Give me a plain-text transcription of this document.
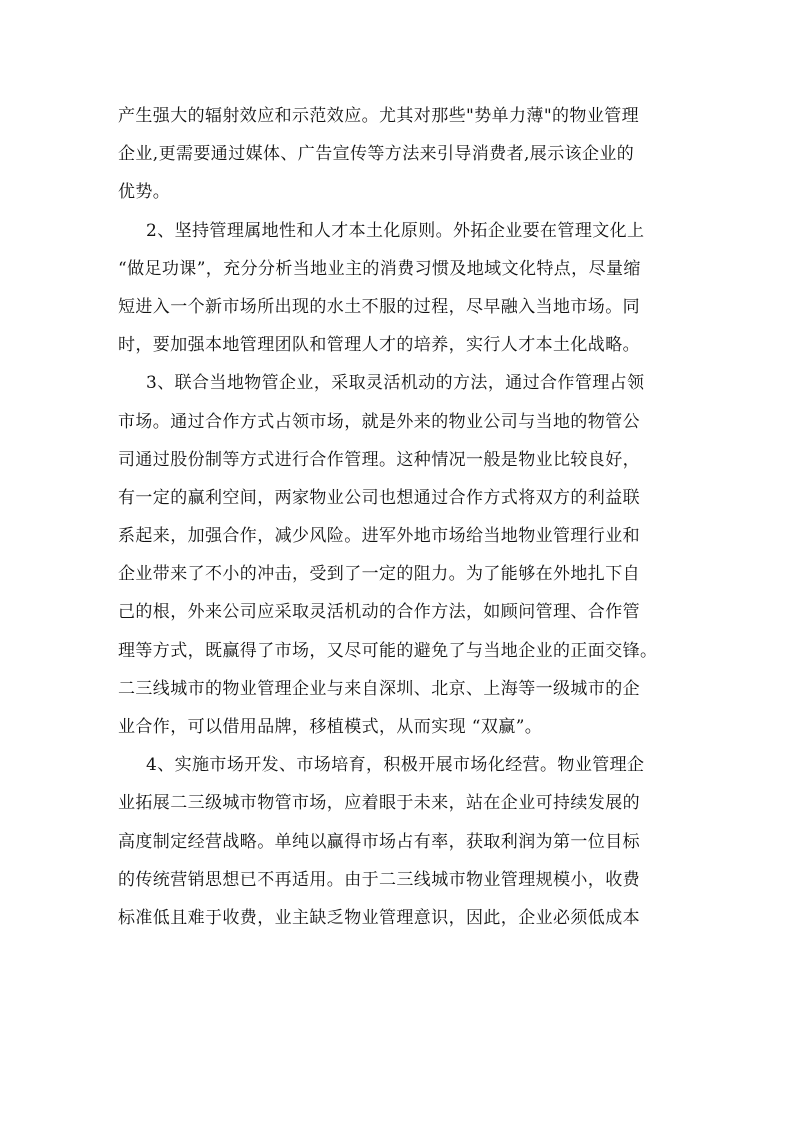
产生强大的辐射效应和示范效应。尤其对那些"势单力薄"的物业管理
企业,更需要通过媒体、广告宣传等方法来引导消费者,展示该企业的
优势。
2、坚持管理属地性和人才本土化原则。外拓企业要在管理文化上
“做足功课”，充分分析当地业主的消费习惯及地域文化特点，尽量缩
短进入一个新市场所出现的水土不服的过程，尽早融入当地市场。同
时，要加强本地管理团队和管理人才的培养，实行人才本土化战略。
3、联合当地物管企业，采取灵活机动的方法，通过合作管理占领
市场。通过合作方式占领市场，就是外来的物业公司与当地的物管公
司通过股份制等方式进行合作管理。这种情况一般是物业比较良好，
有一定的赢利空间，两家物业公司也想通过合作方式将双方的利益联
系起来，加强合作，减少风险。进军外地市场给当地物业管理行业和
企业带来了不小的冲击，受到了一定的阻力。为了能够在外地扎下自
己的根，外来公司应采取灵活机动的合作方法，如顾问管理、合作管
理等方式，既赢得了市场，又尽可能的避免了与当地企业的正面交锋。
二三线城市的物业管理企业与来自深圳、北京、上海等一级城市的企
业合作，可以借用品牌，移植模式，从而实现 “双赢”。
4、实施市场开发、市场培育，积极开展市场化经营。物业管理企
业拓展二三级城市物管市场，应着眼于未来，站在企业可持续发展的
高度制定经营战略。单纯以赢得市场占有率，获取利润为第一位目标
的传统营销思想已不再适用。由于二三线城市物业管理规模小，收费
标准低且难于收费，业主缺乏物业管理意识，因此，企业必须低成本
